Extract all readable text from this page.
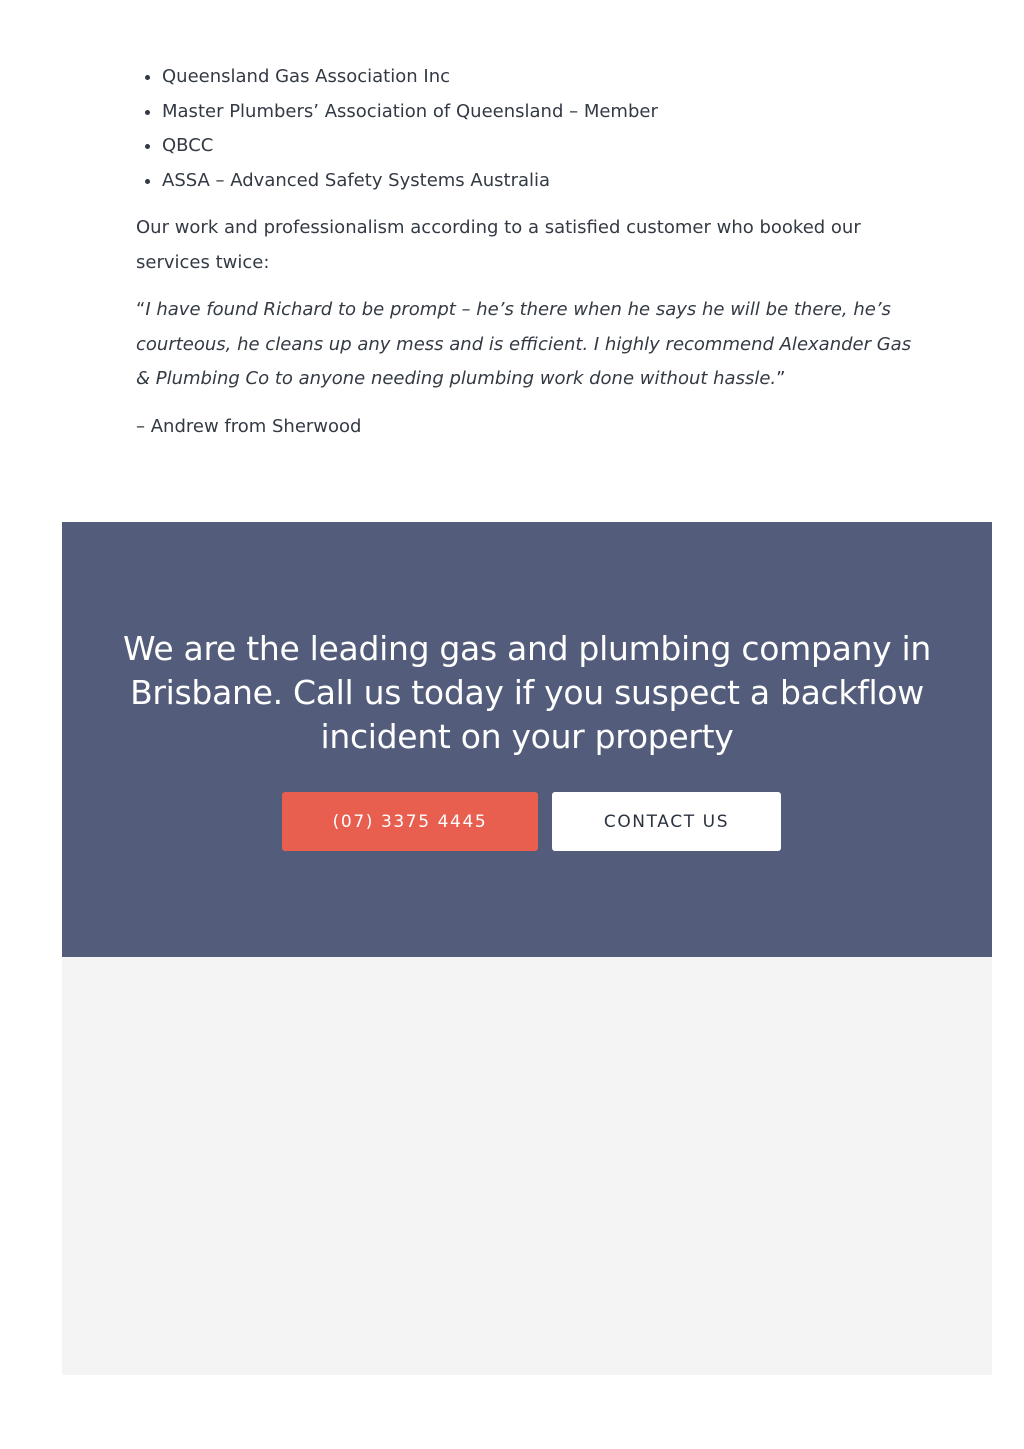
• Queensland Gas Association Inc
• Master Plumbers’ Association of Queensland – Member
• QBCC
• ASSA – Advanced Safety Systems Australia

Our work and professionalism according to a satisfied customer who booked our services twice:

“I have found Richard to be prompt – he’s there when he says he will be there, he’s courteous, he cleans up any mess and is efficient. I highly recommend Alexander Gas & Plumbing Co to anyone needing plumbing work done without hassle.”

– Andrew from Sherwood

We are the leading gas and plumbing company in Brisbane. Call us today if you suspect a backflow incident on your property
(07) 3375 4445	CONTACT US
